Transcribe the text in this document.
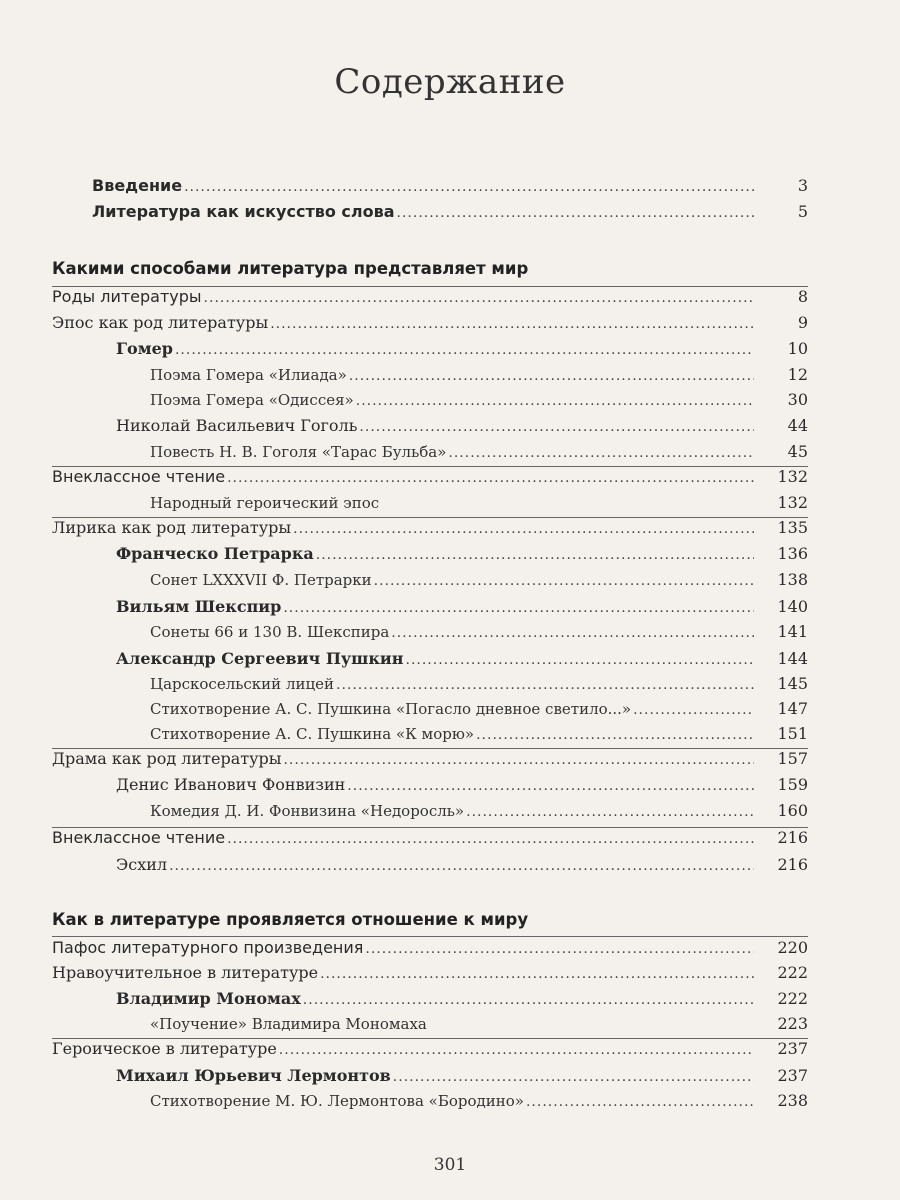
Содержание
Введение .....	3
Литература как искусство слова .....	5
Какими способами литература представляет мир
Роды литературы .....	8
Эпос как род литературы .....	9
Гомер .....	10
Поэма Гомера «Илиада» .....	12
Поэма Гомера «Одиссея» .....	30
Николай Васильевич Гоголь .....	44
Повесть Н. В. Гоголя «Тарас Бульба» .....	45
Внеклассное чтение .....	132
Народный героический эпос	132
Лирика как род литературы .....	135
Франческо Петрарка .....	136
Сонет LXXXVII Ф. Петрарки .....	138
Вильям Шекспир .....	140
Сонеты 66 и 130 В. Шекспира .....	141
Александр Сергеевич Пушкин .....	144
Царскосельский лицей .....	145
Стихотворение А. С. Пушкина «Погасло дневное светило...» .....	147
Стихотворение А. С. Пушкина «К морю» .....	151
Драма как род литературы .....	157
Денис Иванович Фонвизин .....	159
Комедия Д. И. Фонвизина «Недоросль» .....	160
Внеклассное чтение .....	216
Эсхил .....	216
Как в литературе проявляется отношение к миру
Пафос литературного произведения .....	220
Нравоучительное в литературе .....	222
Владимир Мономах .....	222
«Поучение» Владимира Мономаха	223
Героическое в литературе .....	237
Михаил Юрьевич Лермонтов .....	237
Стихотворение М. Ю. Лермонтова «Бородино» .....	238
301
